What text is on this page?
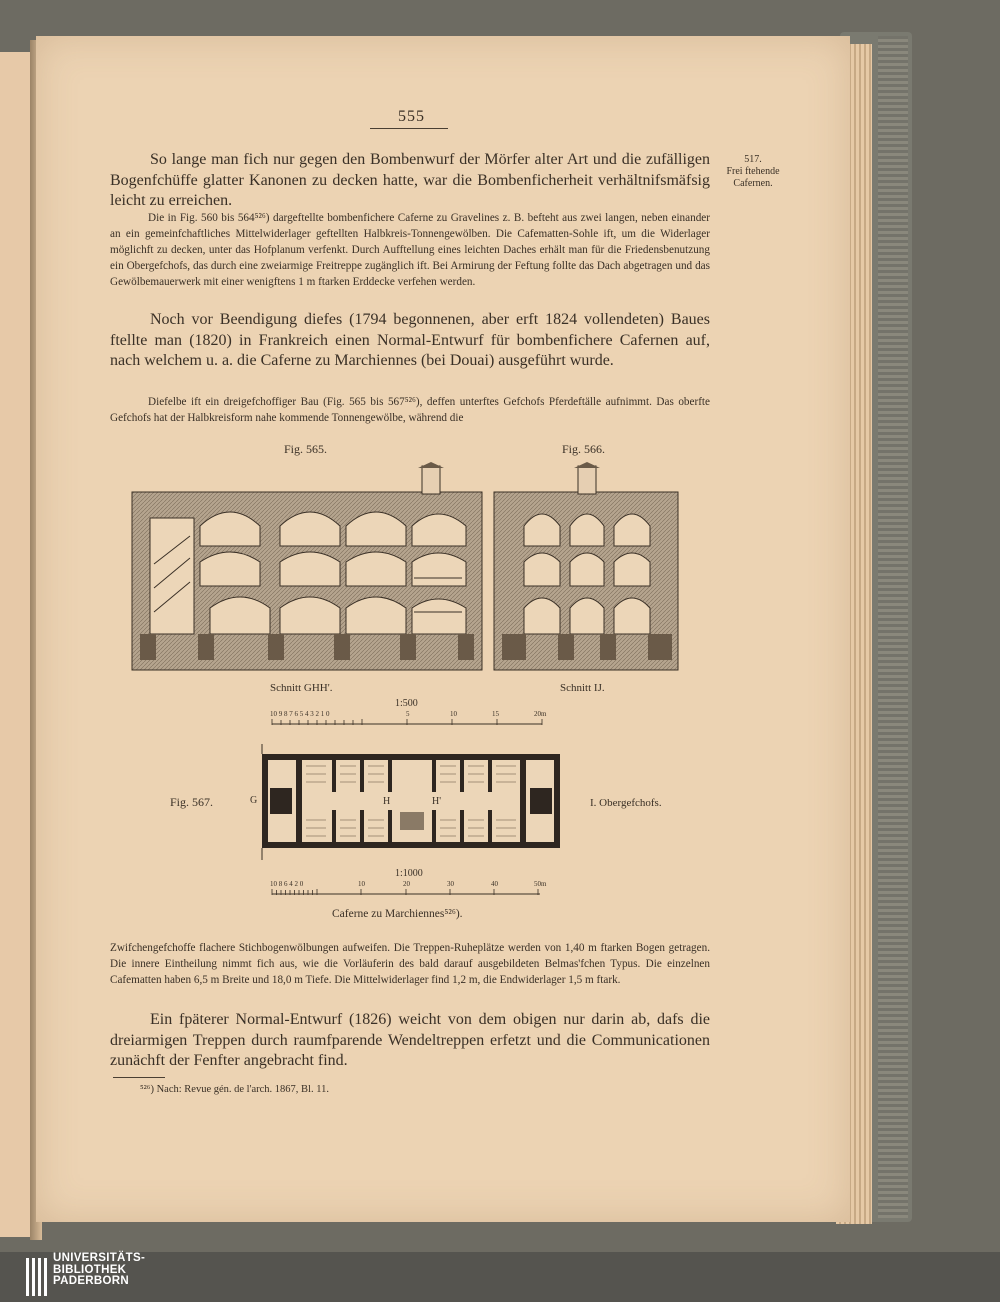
555
517.
Frei ftehende
Cafernen.
So lange man fich nur gegen den Bombenwurf der Mörfer alter Art und die zufälligen Bogenfchüffe glatter Kanonen zu decken hatte, war die Bombenficherheit verhältnifsmäfsig leicht zu erreichen.
Die in Fig. 560 bis 564⁵²⁶) dargeftellte bombenfichere Caferne zu Gravelines z. B. befteht aus zwei langen, neben einander an ein gemeinfchaftliches Mittelwiderlager geftellten Halbkreis-Tonnengewölben. Die Cafematten-Sohle ift, um die Widerlager möglichft zu decken, unter das Hofplanum verfenkt. Durch Aufftellung eines leichten Daches erhält man für die Friedensbenutzung ein Obergefchofs, das durch eine zweiarmige Freitreppe zugänglich ift. Bei Armirung der Feftung follte das Dach abgetragen und das Gewölbemauerwerk mit einer wenigftens 1 m ftarken Erddecke verfehen werden.
Noch vor Beendigung diefes (1794 begonnenen, aber erft 1824 vollendeten) Baues ftellte man (1820) in Frankreich einen Normal-Entwurf für bombenfichere Cafernen auf, nach welchem u. a. die Caferne zu Marchiennes (bei Douai) ausgeführt wurde.
Diefelbe ift ein dreigefchoffiger Bau (Fig. 565 bis 567⁵²⁶), deffen unterftes Gefchofs Pferdeftälle aufnimmt. Das oberfte Gefchofs hat der Halbkreisform nahe kommende Tonnengewölbe, während die
Fig. 565.	Fig. 566.
Schnitt GHH'.	Schnitt IJ.
1:500
10 9 8 7 6 5 4 3 2 1 0	5	10	15	20m
Fig. 567.	G	H	H'	I. Obergefchofs.
1:1000
10 8 6 4 2 0	10	20	30	40	50m
Caferne zu Marchiennes⁵²⁶).
Zwifchengefchoffe flachere Stichbogenwölbungen aufweifen. Die Treppen-Ruheplätze werden von 1,40 m ftarken Bogen getragen. Die innere Eintheilung nimmt fich aus, wie die Vorläuferin des bald darauf ausgebildeten Belmas'fchen Typus. Die einzelnen Cafematten haben 6,5 m Breite und 18,0 m Tiefe. Die Mittelwiderlager find 1,2 m, die Endwiderlager 1,5 m ftark.
Ein fpäterer Normal-Entwurf (1826) weicht von dem obigen nur darin ab, dafs die dreiarmigen Treppen durch raumfparende Wendeltreppen erfetzt und die Communicationen zunächft der Fenfter angebracht find.
⁵²⁶) Nach: Revue gén. de l'arch. 1867, Bl. 11.
UNIVERSITÄTS-
BIBLIOTHEK
PADERBORN
